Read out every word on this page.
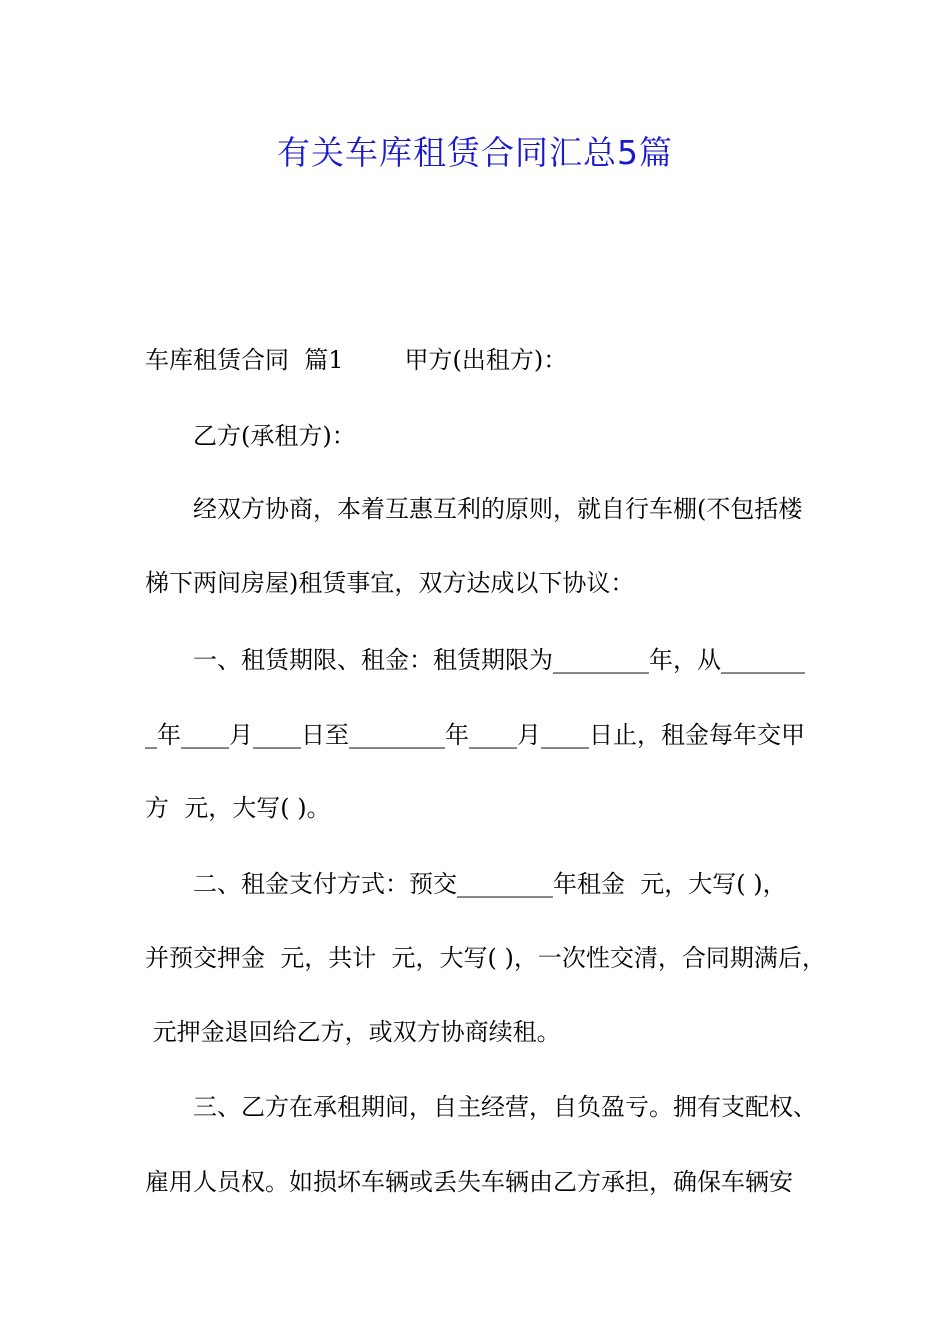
有关车库租赁合同汇总5篇
车库租赁合同  篇1        甲方(出租方)：
乙方(承租方)：
经双方协商，本着互惠互利的原则，就自行车棚(不包括楼
梯下两间房屋)租赁事宜，双方达成以下协议：
一、租赁期限、租金：租赁期限为________年，从_______
_年____月____日至________年____月____日止，租金每年交甲
方  元，大写( )。
二、租金支付方式：预交________年租金  元，大写( )，
并预交押金  元，共计  元，大写( )，一次性交清，合同期满后，
元押金退回给乙方，或双方协商续租。
三、乙方在承租期间，自主经营，自负盈亏。拥有支配权、
雇用人员权。如损坏车辆或丢失车辆由乙方承担，确保车辆安
